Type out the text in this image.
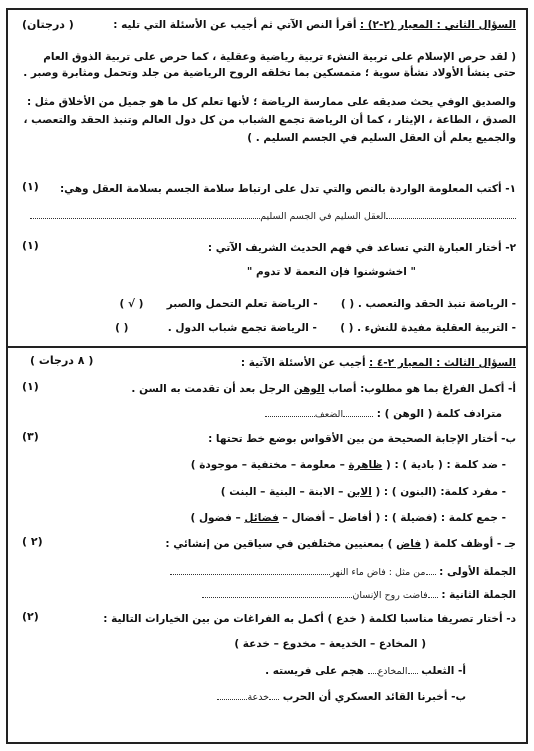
السؤال الثاني : المعيار (٢-٢) : أقرأ النص الآتي ثم أجيب عن الأسئلة التي تليه :
(درجتان )
( لقد حرص الإسلام على تربية النشء تربية رياضية وعقلية ، كما حرص على تربية الذوق العام
حتى ينشأ الأولاد نشأة سوية ؛ متمسكين بما تخلقه الروح الرياضية من جلد وتحمل ومثابرة وصبر .
والصديق الوفي يحث صديقه على ممارسة الرياضة ؛ لأنها تعلم كل ما هو جميل من الأخلاق مثل :
الصدق ، الطاعة ، الإيثار ، كما أن الرياضة تجمع الشباب من كل دول العالم وتنبذ الحقد والتعصب ،
والجميع يعلم أن العقل السليم في الجسم السليم . )
١- أكتب المعلومة الواردة بالنص والتي تدل على ارتباط سلامة الجسم بسلامة العقل وهي:
(١)
العقل السليم في الجسم السليم
٢- أختار العبارة التي تساعد في فهم الحديث الشريف الآتي :
(١)
" اخشوشنوا فإن النعمة لا تدوم "
- الرياضة تنبذ الحقد والتعصب . ( )  - الرياضة تعلم التحمل والصبر  ( √ )
- التربية العقلية مفيدة للنشء . ( )  - الرياضة تجمع شباب الدول .  ( )
السؤال الثالث : المعيار ٢-٤ : أجيب عن الأسئلة الآتية :
( ٨ درجات )
أ- أكمل الفراغ بما هو مطلوب: أصاب الوهن الرجل بعد أن تقدمت به السن .
(١)
مترادف كلمة ( الوهن ) : الضعف
ب- أختار الإجابة الصحيحة من بين الأقواس بوضع خط تحتها :
(٣)
- ضد كلمة : ( بادية ) : ( ظاهرة – معلومة – مختفية – موجودة )
- مفرد كلمة: (البنون ) : ( الابن – الابنة – البنية – البنت )
- جمع كلمة : (فضيلة ) : ( أفاضل – أفضال – فضائل – فضول )
جـ - أوظف كلمة ( فاض ) بمعنيين مختلفين في سياقين من إنشائي :
( ٢)
الجملة الأولى : من مثل : فاض ماء النهر
الجملة الثانية : فاضت روح الإنسان
د- أختار تصريفا مناسبا لكلمة ( خدع ) أكمل به الفراغات من بين الخيارات التالية :
(٢)
( المخادع – الخديعة – مخدوع – خدعة )
أ- الثعلب المخادع هجم على فريسته .
ب- أخبرنا القائد العسكري أن الحرب خدعة
